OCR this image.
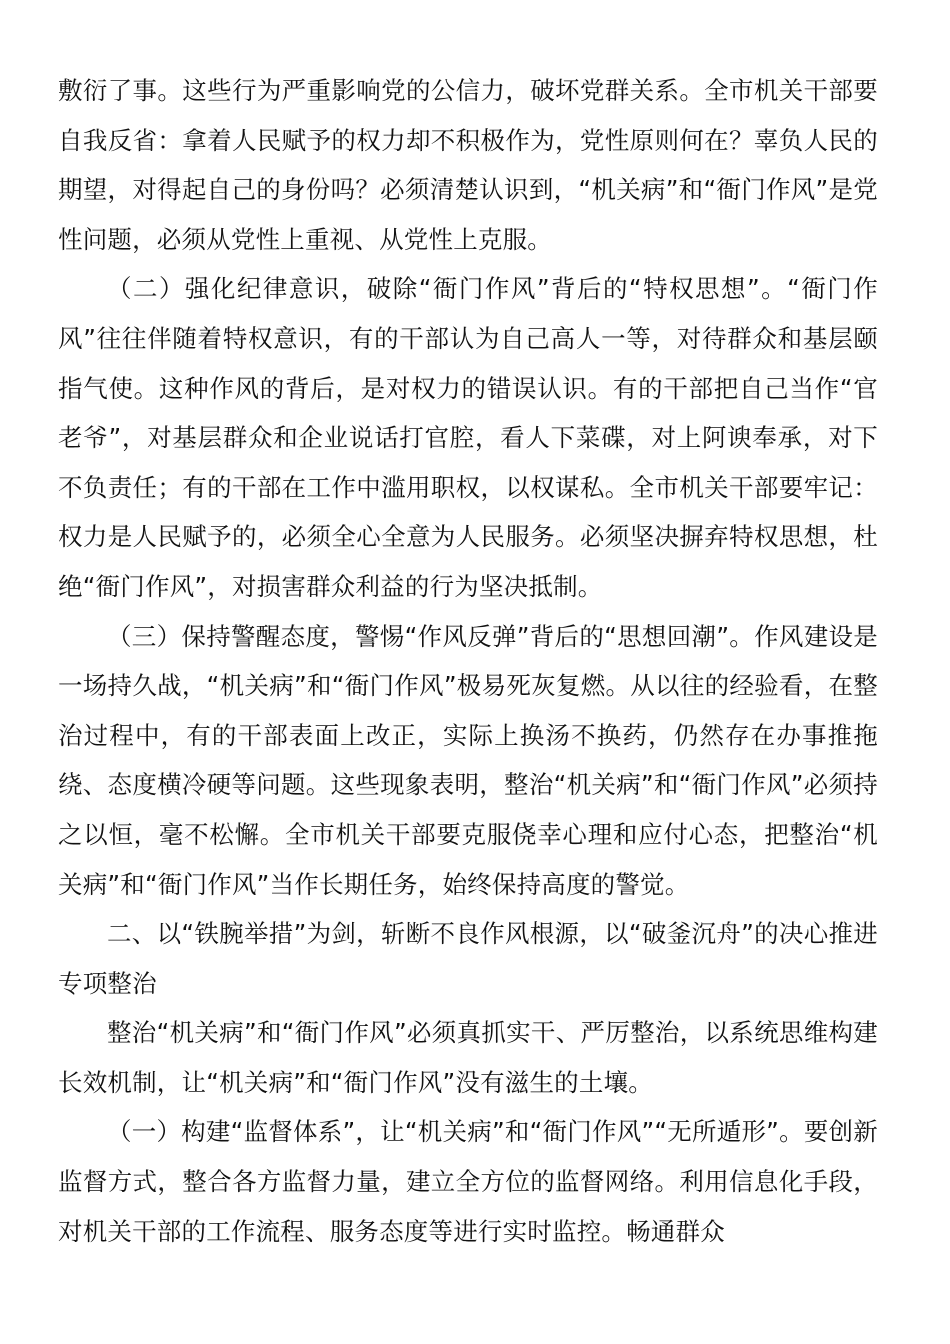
敷衍了事。这些行为严重影响党的公信力，破坏党群关系。全市机关干部要自我反省：拿着人民赋予的权力却不积极作为，党性原则何在？辜负人民的期望，对得起自己的身份吗？必须清楚认识到，“机关病”和“衙门作风”是党性问题，必须从党性上重视、从党性上克服。

（二）强化纪律意识，破除“衙门作风”背后的“特权思想”。“衙门作风”往往伴随着特权意识，有的干部认为自己高人一等，对待群众和基层颐指气使。这种作风的背后，是对权力的错误认识。有的干部把自己当作“官老爷”，对基层群众和企业说话打官腔，看人下菜碟，对上阿谀奉承，对下不负责任；有的干部在工作中滥用职权，以权谋私。全市机关干部要牢记：权力是人民赋予的，必须全心全意为人民服务。必须坚决摒弃特权思想，杜绝“衙门作风”，对损害群众利益的行为坚决抵制。

（三）保持警醒态度，警惕“作风反弹”背后的“思想回潮”。作风建设是一场持久战，“机关病”和“衙门作风”极易死灰复燃。从以往的经验看，在整治过程中，有的干部表面上改正，实际上换汤不换药，仍然存在办事推拖绕、态度横冷硬等问题。这些现象表明，整治“机关病”和“衙门作风”必须持之以恒，毫不松懈。全市机关干部要克服侥幸心理和应付心态，把整治“机关病”和“衙门作风”当作长期任务，始终保持高度的警觉。

二、以“铁腕举措”为剑，斩断不良作风根源，以“破釜沉舟”的决心推进专项整治

整治“机关病”和“衙门作风”必须真抓实干、严厉整治，以系统思维构建长效机制，让“机关病”和“衙门作风”没有滋生的土壤。

（一）构建“监督体系”，让“机关病”和“衙门作风”“无所遁形”。要创新监督方式，整合各方监督力量，建立全方位的监督网络。利用信息化手段，对机关干部的工作流程、服务态度等进行实时监控。畅通群众
